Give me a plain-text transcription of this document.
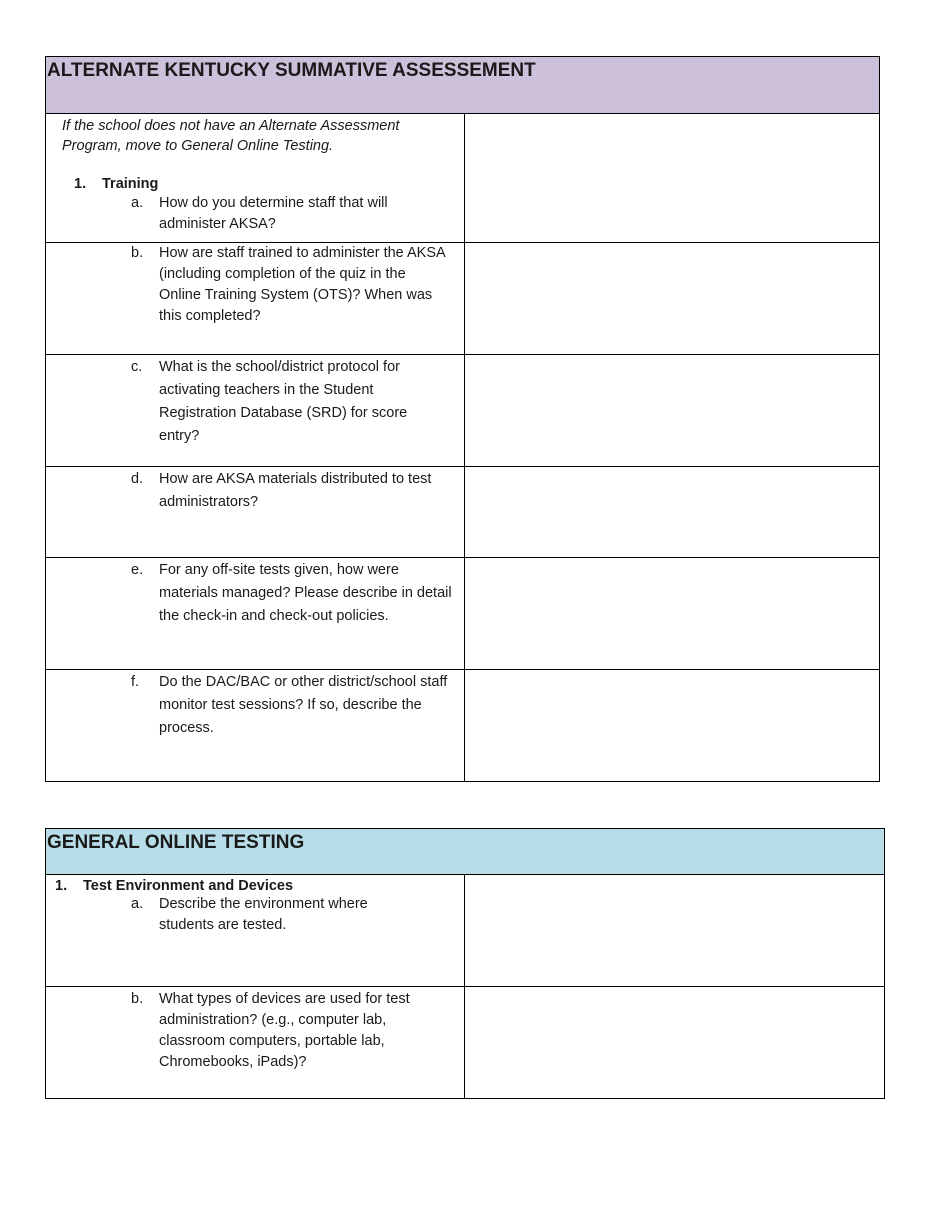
ALTERNATE KENTUCKY SUMMATIVE ASSESSEMENT	

If the school does not have an Alternate Assessment Program, move to General Online Testing.
1. Training
a. How do you determine staff that will administer AKSA?	

b. How are staff trained to administer the AKSA (including completion of the quiz in the Online Training System (OTS)? When was this completed?	

c. What is the school/district protocol for activating teachers in the Student Registration Database (SRD) for score entry?	

d. How are AKSA materials distributed to test administrators?	

e. For any off-site tests given, how were materials managed? Please describe in detail the check-in and check-out policies.	

f. Do the DAC/BAC or other district/school staff monitor test sessions? If so, describe the process.	

GENERAL ONLINE TESTING	

1. Test Environment and Devices
a. Describe the environment where students are tested.	

b. What types of devices are used for test administration? (e.g., computer lab, classroom computers, portable lab, Chromebooks, iPads)?	
